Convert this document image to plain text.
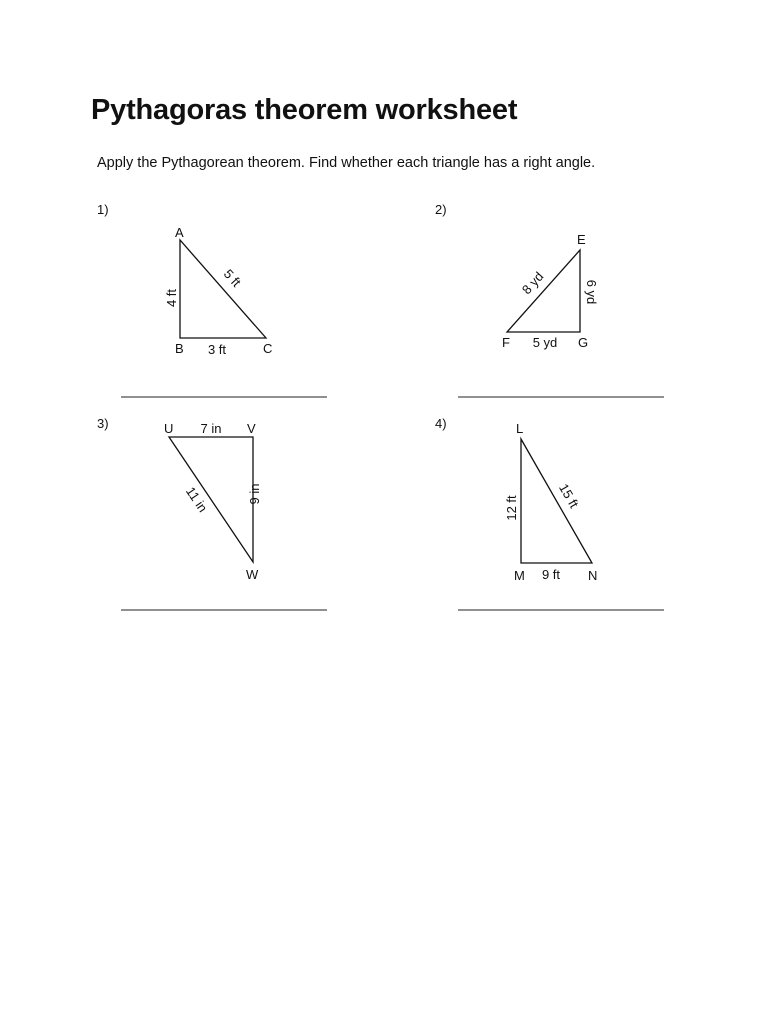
Pythagoras theorem worksheet
Apply the Pythagorean theorem. Find whether each triangle has a right angle.
1)
A
B	C
4 ft
3 ft
5 ft
2)
E
F	G
8 yd
5 yd
6 yd
3)	U	V
W
7 in
9 in
11 in
4)	L
M	N
12 ft
9 ft
15 ft
